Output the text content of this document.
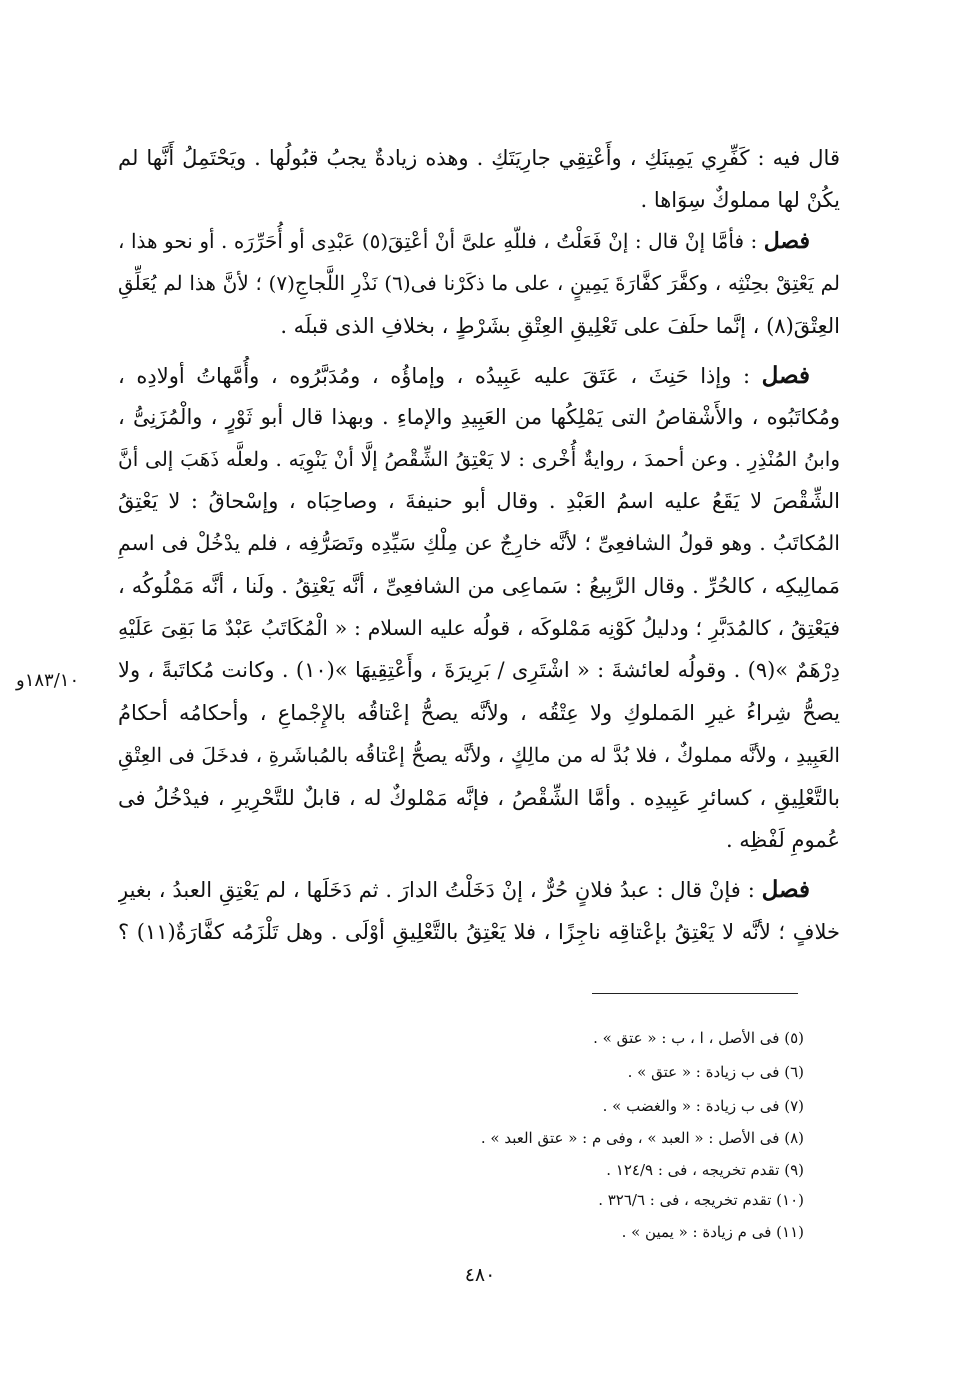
١٨٣/١٠و
قال فيه : كَفِّرِي يَمِينَكِ ، وأَعْتِقِي جارِيَتَكِ . وهذه زيادةٌ يجبُ قبُولُها . ويَحْتَمِلُ أَنَّها لم
يكُنْ لها مملوكٌ سِوَاها .
فصل : فأمَّا إنْ قال : إنْ فَعَلْتُ ، فللّهِ علىَّ أنْ أعْتِقَ(٥) عَبْدِى أو أُحَرِّرَه . أو نحو هذا ،
لم يَعْتِقْ بحِنْثِه ، وكفَّرَ كفَّارَةَ يَمِينٍ ، على ما ذكَرْنا فى(٦) نَذْرِ اللَّجاجِ(٧) ؛ لأنَّ هذا لم يُعَلِّقِ
العِتْقَ(٨) ، إنَّما حلَفَ على تَعْلِيقِ العِتْقِ بشَرْطٍ ، بخلافِ الذى قبلَه .
فصل : وإذا حَنِثَ ، عَتَقَ عليه عَبِيدُه ، وإماؤُه ، ومُدَبَّرُوه ، وأُمَّهاتُ أولادِه ،
ومُكاتَبُوه ، والأَشْقاصُ التى يَمْلِكُها من العَبِيدِ والإماءِ . وبهذا قال أبو ثَوْرٍ ، والْمُزَنِىُّ ،
وابنُ المُنْذِرِ . وعن أحمدَ ، روايةٌ أُخْرى : لا يَعْتِقُ الشِّقْصُ إلَّا أنْ يَنْوِيَه . ولعلَّه ذَهَبَ إلى أنَّ
الشِّقْصَ لا يَقَعُ عليه اسمُ العَبْدِ . وقال أبو حنيفةَ ، وصاحِبَاه ، وإسْحاقُ : لا يَعْتِقُ
المُكاتَبُ . وهو قولُ الشافعِىِّ ؛ لأنَّه خارِجٌ عن مِلْكِ سَيِّدِه وتَصَرُّفِه ، فلم يدْخُلْ فى اسمِ
مَمالِيكِه ، كالحُرِّ . وقال الرَّبِيعُ : سَماعِى من الشافعِىِّ ، أنَّه يَعْتِقُ . ولَنا ، أنَّه مَمْلُوكُه ،
فيَعْتِقُ ، كالمُدَبَّرِ ؛ ودليلُ كَوْنِه مَمْلوكَه ، قولُه عليه السلام : « الْمُكَاتَبُ عَبْدٌ مَا بَقِىَ عَلَيْهِ
دِرْهَمٌ »(٩) . وقولُه لعائشةَ : « اشْتَرِى / بَرِيرَةَ ، وأَعْتِقِيهَا »(١٠) . وكانت مُكاتَبةً ، ولا
يصحُّ شِراءُ غيرِ المَملوكِ ولا عِتْقُه ، ولأنَّه يصحُّ إعْتاقُه بالإِجْماعِ ، وأحكامُه أحكامُ
العَبِيدِ ، ولأنَّه مملوكٌ ، فلا بُدَّ له من مالِكٍ ، ولأنَّه يصحُّ إعْتاقُه بالمُباشَرةِ ، فدخَلَ فى العِتْقِ
بالتَّعْلِيقِ ، كسائرِ عَبِيدِه . وأمَّا الشِّقْصُ ، فإنَّه مَمْلوكٌ له ، قابلٌ للتَّحْرِيرِ ، فيدْخُلُ فى
عُمومِ لَفْظِه .
فصل : فإنْ قال : عبدُ فلانٍ حُرٌّ ، إنْ دَخَلْتُ الدارَ . ثم دَخَلَها ، لم يَعْتِقِ العبدُ ، بغيرِ
خلافٍ ؛ لأنَّه لا يَعْتِقُ بإعْتاقِه ناجِزًا ، فلا يَعْتِقُ بالتَّعْلِيقِ أوْلَى . وهل تَلْزَمُه كفَّارَةٌ(١١) ؟
(٥) فى الأصل ، ا ، ب : « عتق » .
(٦) فى ب زيادة : « عتق » .
(٧) فى ب زيادة : « والغضب » .
(٨) فى الأصل : « العبد » ، وفى م : « عتق العبد » .
(٩) تقدم تخريجه ، فى : ١٢٤/٩ .
(١٠) تقدم تخريجه ، فى : ٣٢٦/٦ .
(١١) فى م زيادة : « يمين » .
٤٨٠
